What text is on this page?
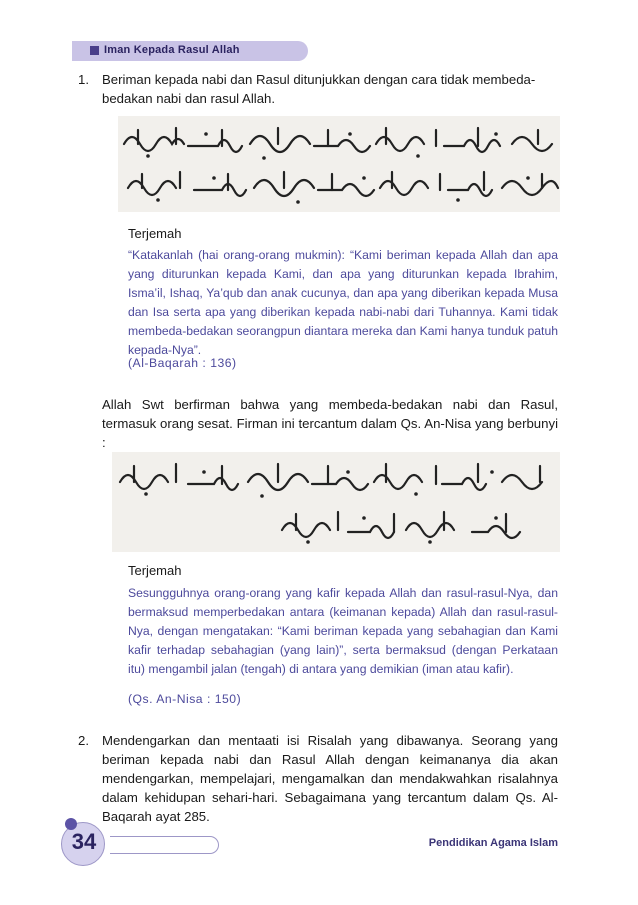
Iman Kepada Rasul Allah
1. Beriman kepada nabi dan Rasul ditunjukkan dengan cara tidak membeda-
bedakan nabi dan rasul Allah.
Terjemah
“Katakanlah (hai orang-orang mukmin): “Kami beriman kepada Allah dan apa yang diturunkan kepada Kami, dan apa yang diturunkan kepada Ibrahim, Isma’il, Ishaq, Ya’qub dan anak cucunya, dan apa yang diberikan kepada Musa dan Isa serta apa yang diberikan kepada nabi-nabi dari Tuhannya. Kami tidak membeda-bedakan seorangpun diantara mereka dan Kami hanya tunduk patuh kepada-Nya”.
(Al-Baqarah : 136)
Allah Swt berfirman bahwa yang membeda-bedakan nabi dan Rasul, termasuk orang sesat. Firman ini tercantum dalam Qs. An-Nisa yang berbunyi :
Terjemah
Sesungguhnya orang-orang yang kafir kepada Allah dan rasul-rasul-Nya, dan bermaksud memperbedakan antara (keimanan kepada) Allah dan rasul-rasul-Nya, dengan mengatakan: “Kami beriman kepada yang sebahagian dan Kami kafir terhadap sebahagian (yang lain)”, serta bermaksud (dengan Perkataan itu) mengambil jalan (tengah) di antara yang demikian (iman atau kafir).
(Qs. An-Nisa : 150)
2. Mendengarkan dan mentaati isi Risalah yang dibawanya. Seorang yang beriman kepada nabi dan Rasul Allah dengan keimananya dia akan mendengarkan, mempelajari, mengamalkan dan mendakwahkan risalahnya dalam kehidupan sehari-hari. Sebagaimana yang tercantum dalam Qs. Al-Baqarah ayat 285.
34	Pendidikan Agama Islam
